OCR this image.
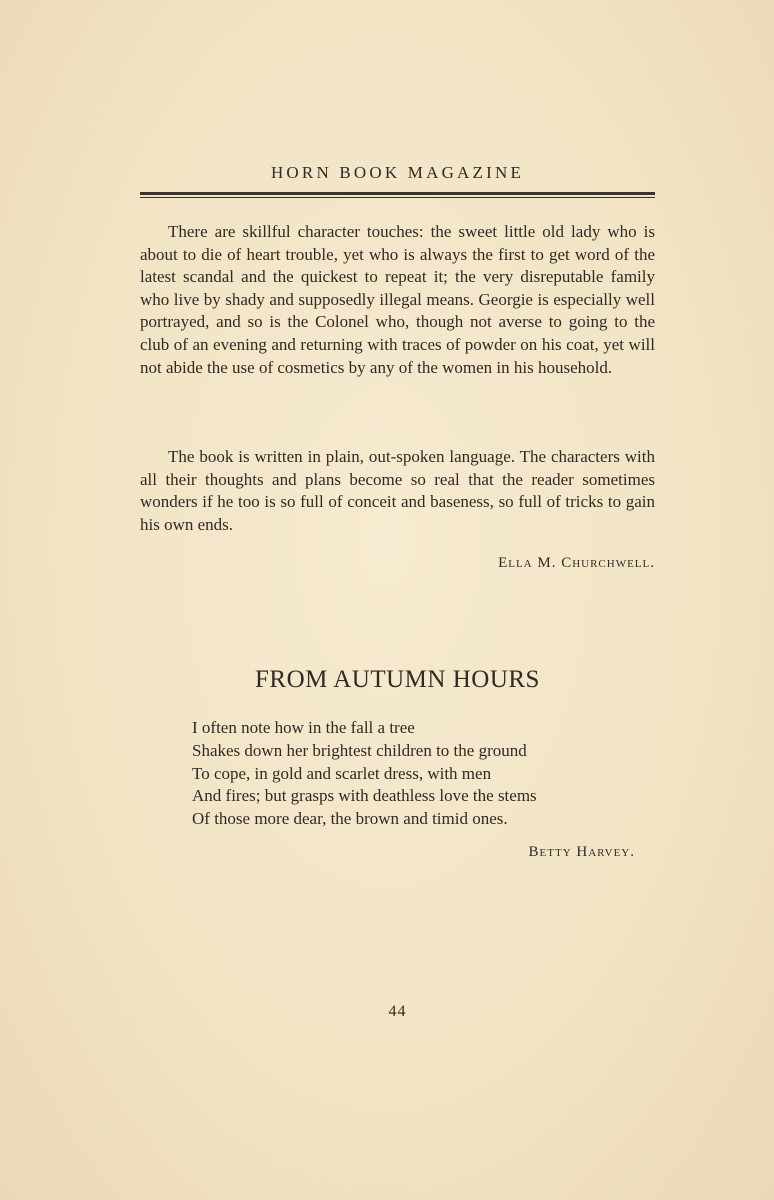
HORN BOOK MAGAZINE

There are skillful character touches: the sweet little old lady who is about to die of heart trouble, yet who is always the first to get word of the latest scandal and the quickest to repeat it; the very disreputable family who live by shady and supposedly illegal means. Georgie is especially well portrayed, and so is the Colonel who, though not averse to going to the club of an evening and returning with traces of powder on his coat, yet will not abide the use of cosmetics by any of the women in his household.

The book is written in plain, out-spoken language. The characters with all their thoughts and plans become so real that the reader sometimes wonders if he too is so full of conceit and baseness, so full of tricks to gain his own ends.

Ella M. Churchwell.
FROM AUTUMN HOURS
I often note how in the fall a tree
Shakes down her brightest children to the ground
To cope, in gold and scarlet dress, with men
And fires; but grasps with deathless love the stems
Of those more dear, the brown and timid ones.
Betty Harvey.
44
